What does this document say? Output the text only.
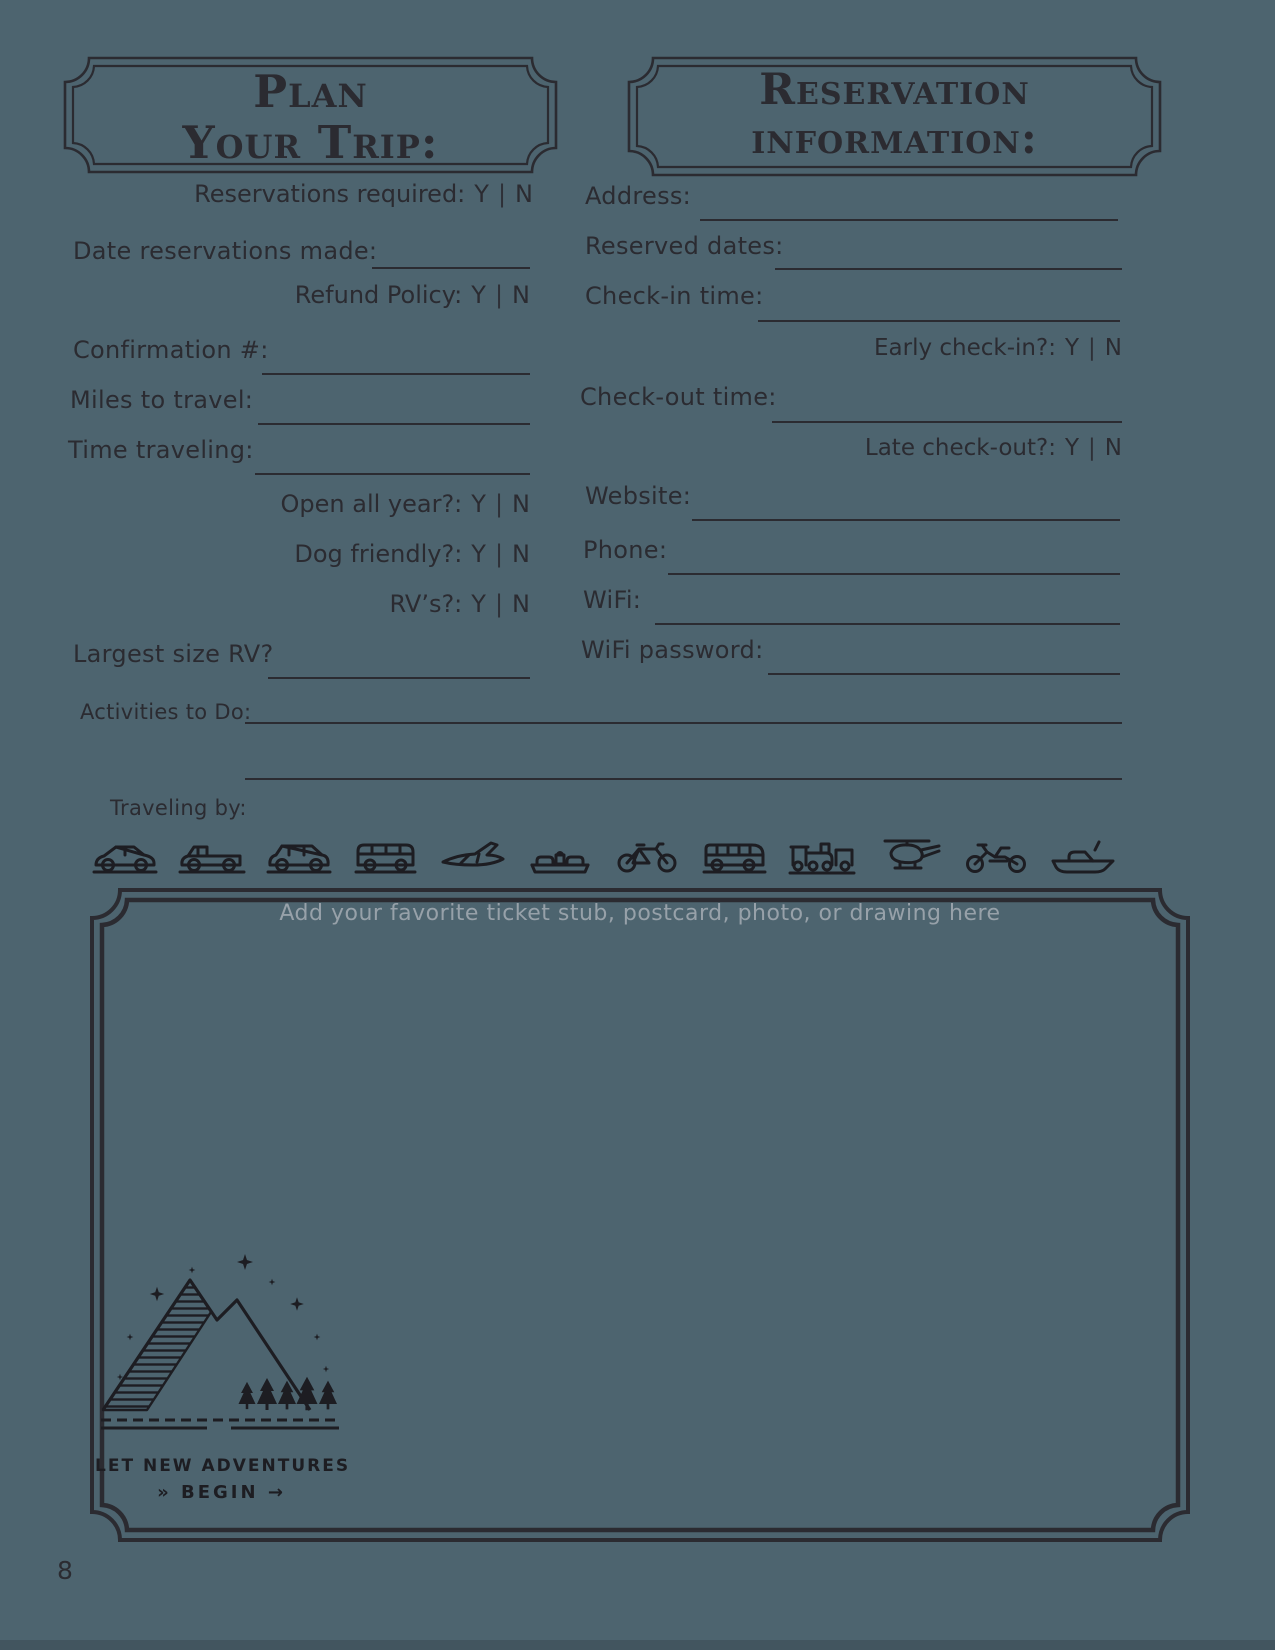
Plan
Your Trip:
Reservation
information:
Reservations required: Y | N
Date reservations made:
Refund Policy: Y | N
Confirmation #:
Miles to travel:
Time traveling:
Open all year?: Y | N
Dog friendly?: Y | N
RV’s?: Y | N
Largest size RV?
Activities to Do:
Traveling by:
Address:
Reserved dates:
Check-in time:
Early check-in?: Y | N
Check-out time:
Late check-out?: Y | N
Website:
Phone:
WiFi:
WiFi password:
Add your favorite ticket stub, postcard, photo, or drawing here
LET NEW ADVENTURES
» BEGIN →
8
